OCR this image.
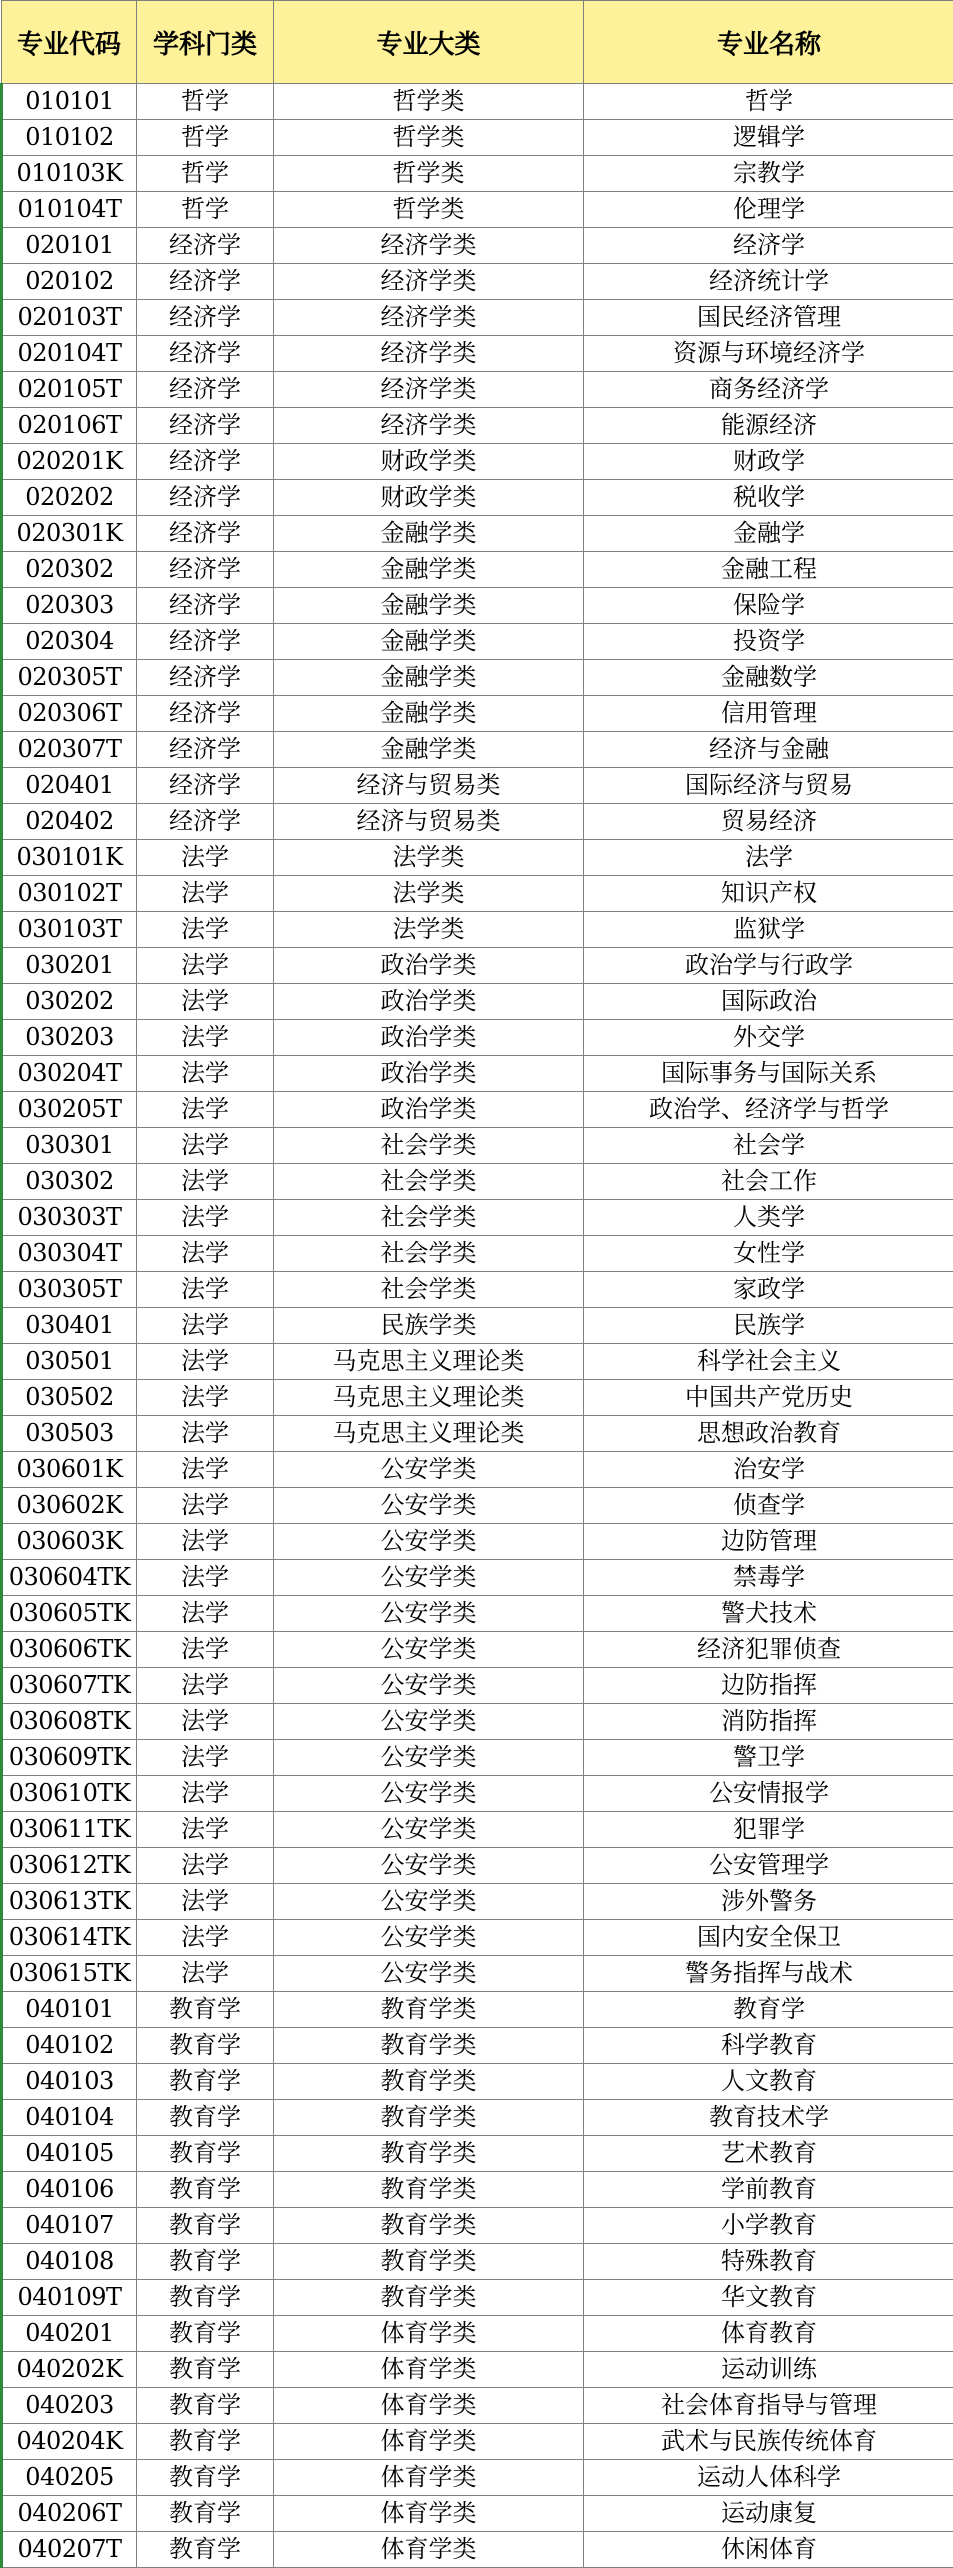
专业代码	学科门类	专业大类	专业名称
010101	哲学	哲学类	哲学
010102	哲学	哲学类	逻辑学
010103K	哲学	哲学类	宗教学
010104T	哲学	哲学类	伦理学
020101	经济学	经济学类	经济学
020102	经济学	经济学类	经济统计学
020103T	经济学	经济学类	国民经济管理
020104T	经济学	经济学类	资源与环境经济学
020105T	经济学	经济学类	商务经济学
020106T	经济学	经济学类	能源经济
020201K	经济学	财政学类	财政学
020202	经济学	财政学类	税收学
020301K	经济学	金融学类	金融学
020302	经济学	金融学类	金融工程
020303	经济学	金融学类	保险学
020304	经济学	金融学类	投资学
020305T	经济学	金融学类	金融数学
020306T	经济学	金融学类	信用管理
020307T	经济学	金融学类	经济与金融
020401	经济学	经济与贸易类	国际经济与贸易
020402	经济学	经济与贸易类	贸易经济
030101K	法学	法学类	法学
030102T	法学	法学类	知识产权
030103T	法学	法学类	监狱学
030201	法学	政治学类	政治学与行政学
030202	法学	政治学类	国际政治
030203	法学	政治学类	外交学
030204T	法学	政治学类	国际事务与国际关系
030205T	法学	政治学类	政治学、经济学与哲学
030301	法学	社会学类	社会学
030302	法学	社会学类	社会工作
030303T	法学	社会学类	人类学
030304T	法学	社会学类	女性学
030305T	法学	社会学类	家政学
030401	法学	民族学类	民族学
030501	法学	马克思主义理论类	科学社会主义
030502	法学	马克思主义理论类	中国共产党历史
030503	法学	马克思主义理论类	思想政治教育
030601K	法学	公安学类	治安学
030602K	法学	公安学类	侦查学
030603K	法学	公安学类	边防管理
030604TK	法学	公安学类	禁毒学
030605TK	法学	公安学类	警犬技术
030606TK	法学	公安学类	经济犯罪侦查
030607TK	法学	公安学类	边防指挥
030608TK	法学	公安学类	消防指挥
030609TK	法学	公安学类	警卫学
030610TK	法学	公安学类	公安情报学
030611TK	法学	公安学类	犯罪学
030612TK	法学	公安学类	公安管理学
030613TK	法学	公安学类	涉外警务
030614TK	法学	公安学类	国内安全保卫
030615TK	法学	公安学类	警务指挥与战术
040101	教育学	教育学类	教育学
040102	教育学	教育学类	科学教育
040103	教育学	教育学类	人文教育
040104	教育学	教育学类	教育技术学
040105	教育学	教育学类	艺术教育
040106	教育学	教育学类	学前教育
040107	教育学	教育学类	小学教育
040108	教育学	教育学类	特殊教育
040109T	教育学	教育学类	华文教育
040201	教育学	体育学类	体育教育
040202K	教育学	体育学类	运动训练
040203	教育学	体育学类	社会体育指导与管理
040204K	教育学	体育学类	武术与民族传统体育
040205	教育学	体育学类	运动人体科学
040206T	教育学	体育学类	运动康复
040207T	教育学	体育学类	休闲体育
